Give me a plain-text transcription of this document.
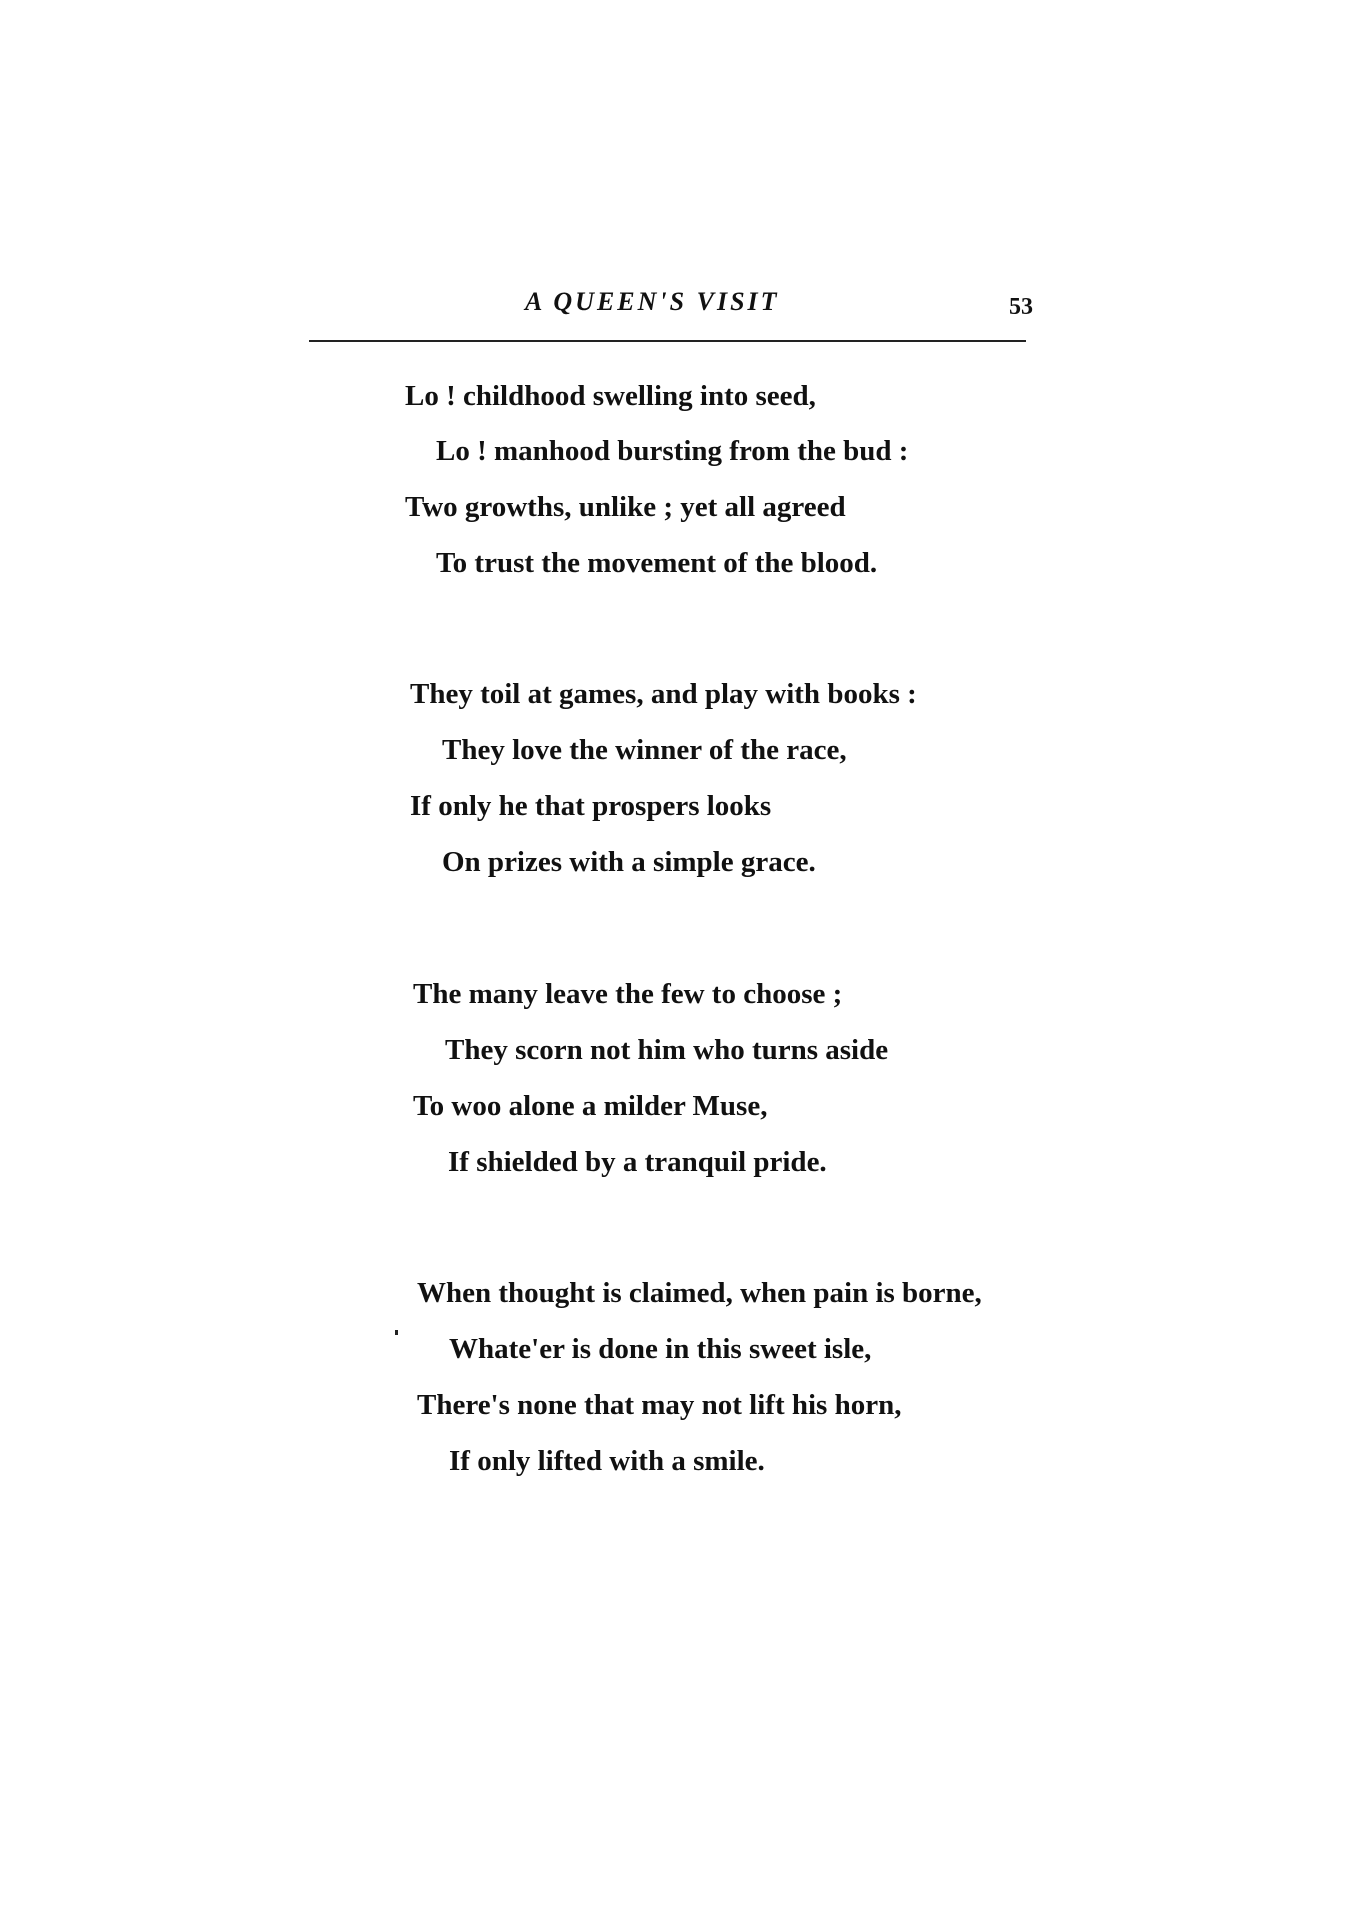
A QUEEN'S VISIT	53
Lo ! childhood swelling into seed,
Lo ! manhood bursting from the bud :
Two growths, unlike ; yet all agreed
To trust the movement of the blood.
They toil at games, and play with books :
They love the winner of the race,
If only he that prospers looks
On prizes with a simple grace.
The many leave the few to choose ;
They scorn not him who turns aside
To woo alone a milder Muse,
If shielded by a tranquil pride.
When thought is claimed, when pain is borne,
Whate'er is done in this sweet isle,
There's none that may not lift his horn,
If only lifted with a smile.
